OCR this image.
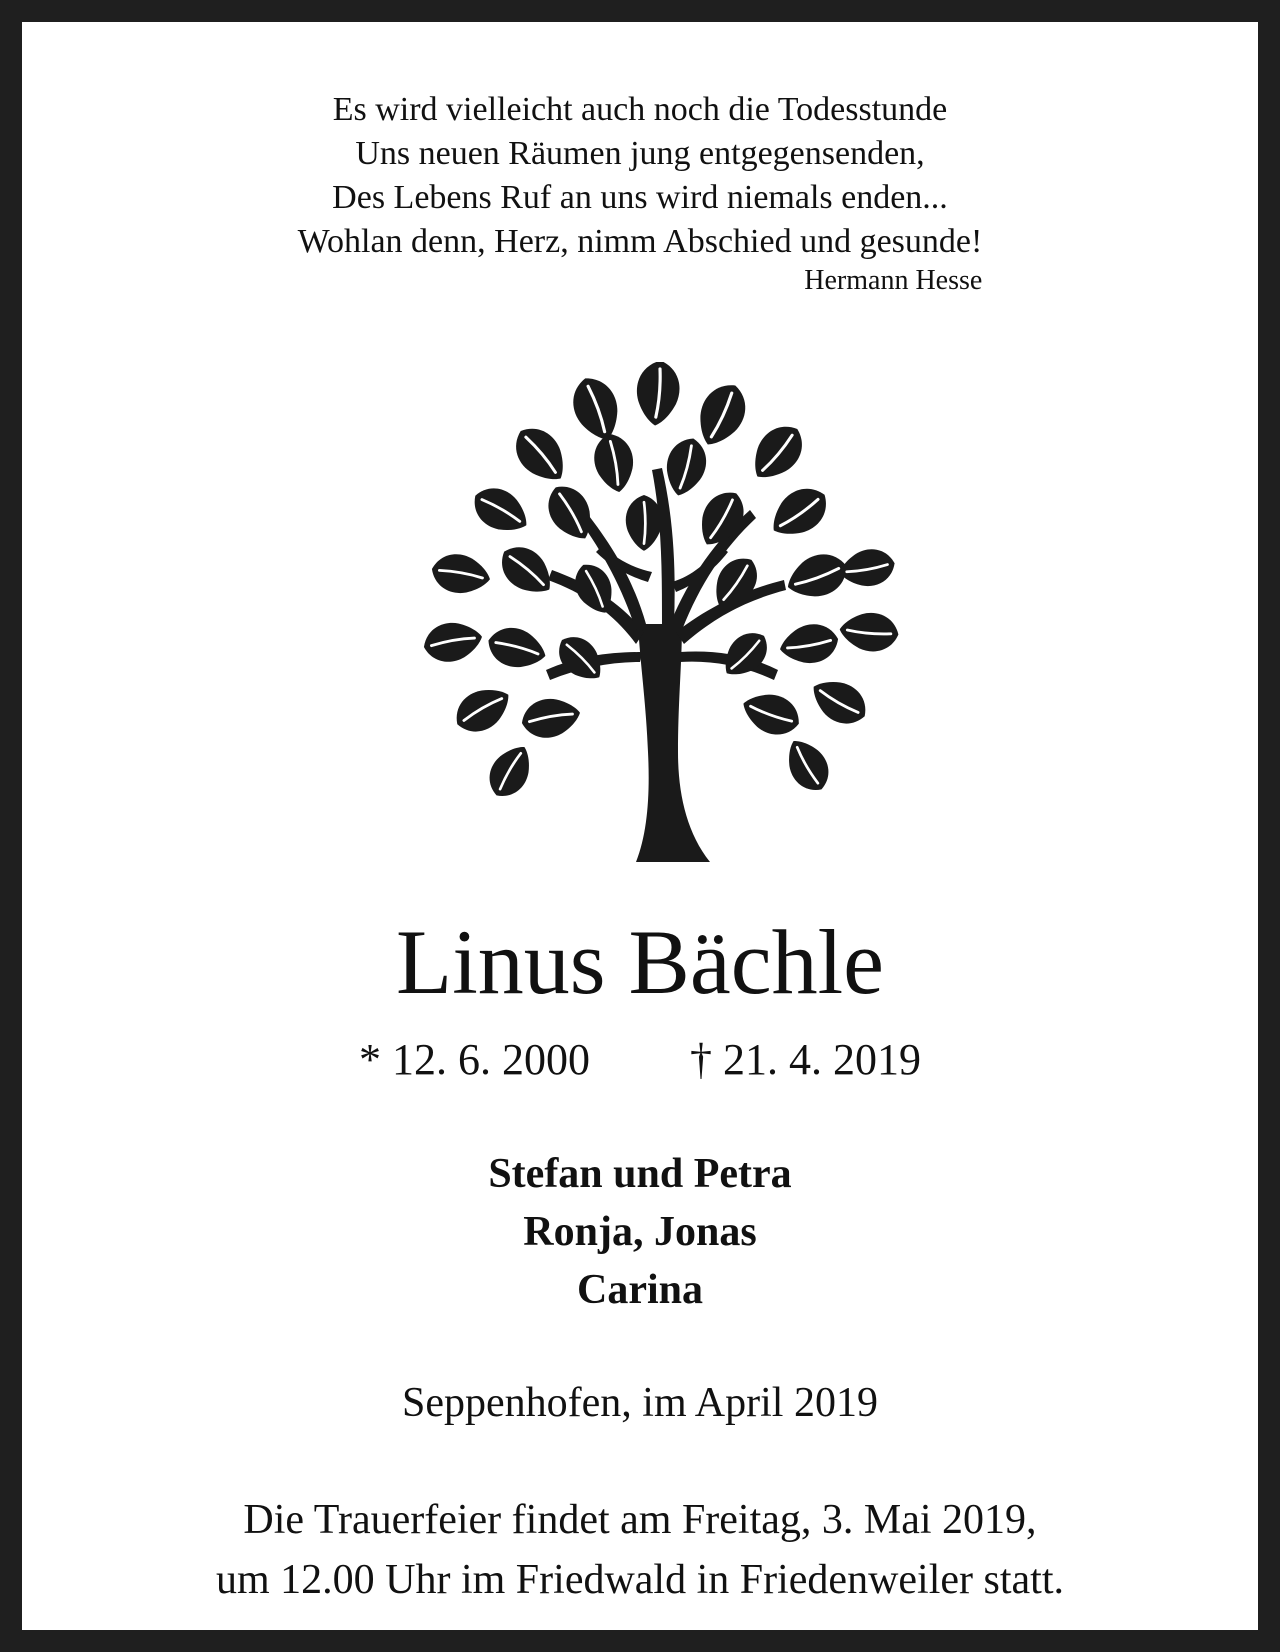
Es wird vielleicht auch noch die Todesstunde

Uns neuen Räumen jung entgegensenden,

Des Lebens Ruf an uns wird niemals enden...

Wohlan denn, Herz, nimm Abschied und gesunde!

Hermann Hesse
Linus Bächle
* 12. 6. 2000 † 21. 4. 2019
Stefan und Petra
Ronja, Jonas
Carina
Seppenhofen, im April 2019
Die Trauerfeier findet am Freitag, 3. Mai 2019,
um 12.00 Uhr im Friedwald in Friedenweiler statt.
